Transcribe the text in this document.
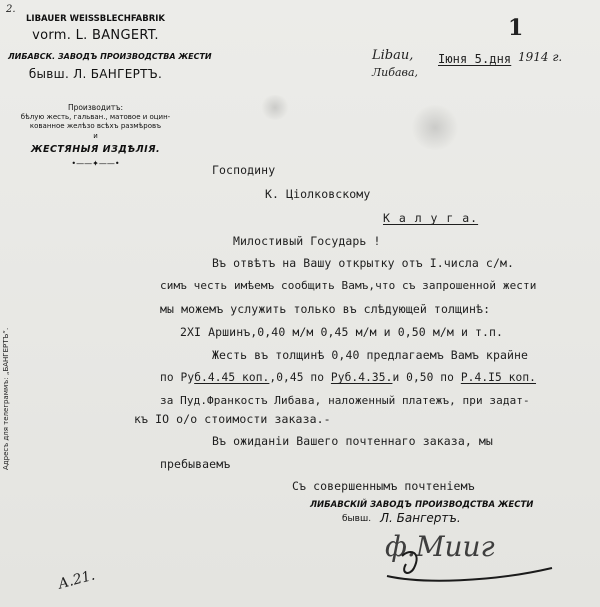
2.
LIBAUER WEISSBLECHFABRIK
vorm. L. BANGERT.
ЛИБАВСК. ЗАВОДЪ ПРОИЗВОДСТВА ЖЕСТИ
бывш. Л. БАНГЕРТЪ.
Производитъ:
бѣлую жесть, гальван., матовое и оцин-
кованное желѣзо всѣхъ размѣровъ
и
ЖЕСТЯНЫЯ ИЗДѢЛІЯ.
•——✦——•
Адресъ для телеграммъ: „БАНГЕРТЪ“.
Libau,
Либава,
Іюня 5.дня 1914 г.
1
Господину
К. Ціолковскому
К а л у г а.
Милостивый Государь !
Въ отвѣтъ на Вашу открытку отъ I.числа с/м.
симъ честь имѣемъ сообщить Вамъ,что съ запрошенной жести
мы можемъ услужить только въ слѣдующей толщинѣ:
2XI Аршинъ,0,40 м/м 0,45 м/м и 0,50 м/м и т.п.
Жесть въ толщинѣ 0,40 предлагаемъ Вамъ крайне
по Руб.4.45 коп.,0,45 по Руб.4.35.и 0,50 по Р.4.I5 коп.
за Пуд.Франкостъ Либава, наложенный платежъ, при задат-
къ IO o/o стоимости заказа.-
Въ ожиданіи Вашего почтеннаго заказа, мы
пребываемъ
Съ совершеннымъ почтеніемъ
ЛИБАВСКІЙ ЗАВОДЪ ПРОИЗВОДСТВА ЖЕСТИ
бывш. Л. Бангертъ.
ф.Мииг
А.21.
